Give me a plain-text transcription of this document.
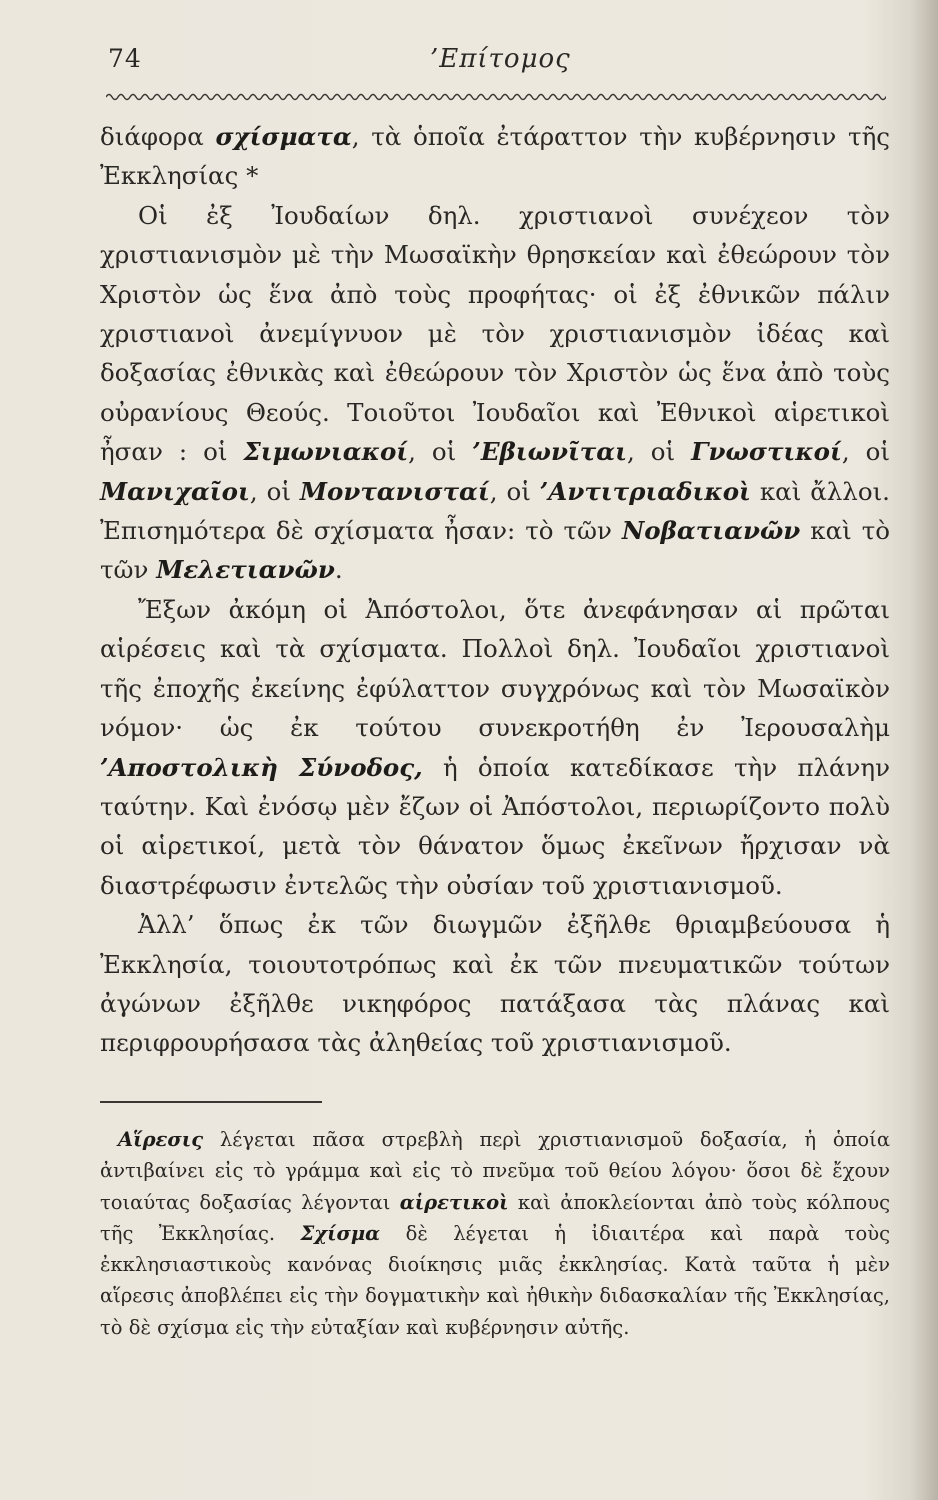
74	’Επίτομος

διάφορα σχίσματα, τὰ ὁποῖα ἐτάραττον τὴν κυβέρνησιν τῆς Ἐκκλησίας *

Οἱ ἐξ Ἰουδαίων δηλ. χριστιανοὶ συνέχεον τὸν χριστιανισμὸν μὲ τὴν Μωσαϊκὴν θρησκείαν καὶ ἐθεώρουν τὸν Χριστὸν ὡς ἕνα ἀπὸ τοὺς προφήτας· οἱ ἐξ ἐθνικῶν πάλιν χριστιανοὶ ἀνεμίγνυον μὲ τὸν χριστιανισμὸν ἰδέας καὶ δοξασίας ἐθνικὰς καὶ ἐθεώρουν τὸν Χριστὸν ὡς ἕνα ἀπὸ τοὺς οὐρανίους Θεούς. Τοιοῦτοι Ἰουδαῖοι καὶ Ἐθνικοὶ αἱρετικοὶ ἦσαν : οἱ Σιμωνιακοί, οἱ ’Εβιωνῖται, οἱ Γνωστικοί, οἱ Μανιχαῖοι, οἱ Μοντανισταί, οἱ ’Αντιτριαδικοὶ καὶ ἄλλοι. Ἐπισημότερα δὲ σχίσματα ἦσαν: τὸ τῶν Νοβατιανῶν καὶ τὸ τῶν Μελετιανῶν.

Ἔξων ἀκόμη οἱ Ἀπόστολοι, ὅτε ἀνεφάνησαν αἱ πρῶται αἱρέσεις καὶ τὰ σχίσματα. Πολλοὶ δηλ. Ἰουδαῖοι χριστιανοὶ τῆς ἐποχῆς ἐκείνης ἐφύλαττον συγχρόνως καὶ τὸν Μωσαϊκὸν νόμον· ὡς ἐκ τούτου συνεκροτήθη ἐν Ἰερουσαλὴμ ’Αποστολικὴ Σύνοδος, ἡ ὁποία κατεδίκασε τὴν πλάνην ταύτην. Καὶ ἐνόσῳ μὲν ἔζων οἱ Ἀπόστολοι, περιωρίζοντο πολὺ οἱ αἱρετικοί, μετὰ τὸν θάνατον ὅμως ἐκεῖνων ἤρχισαν νὰ διαστρέφωσιν ἐντελῶς τὴν οὐσίαν τοῦ χριστιανισμοῦ.

Ἀλλ’ ὅπως ἐκ τῶν διωγμῶν ἐξῆλθε θριαμβεύουσα ἡ Ἐκκλησία, τοιουτοτρόπως καὶ ἐκ τῶν πνευματικῶν τούτων ἀγώνων ἐξῆλθε νικηφόρος πατάξασα τὰς πλάνας καὶ περιφρουρήσασα τὰς ἀληθείας τοῦ χριστιανισμοῦ.

Αἵρεσις λέγεται πᾶσα στρεβλὴ περὶ χριστιανισμοῦ δοξασία, ἡ ὁποία ἀντιβαίνει εἰς τὸ γράμμα καὶ εἰς τὸ πνεῦμα τοῦ θείου λόγου· ὅσοι δὲ ἔχουν τοιαύτας δοξασίας λέγονται αἱρετικοὶ καὶ ἀποκλείονται ἀπὸ τοὺς κόλπους τῆς Ἐκκλησίας. Σχίσμα δὲ λέγεται ἡ ἰδιαιτέρα καὶ παρὰ τοὺς ἐκκλησιαστικοὺς κανόνας διοίκησις μιᾶς ἐκκλησίας. Κατὰ ταῦτα ἡ μὲν αἵρεσις ἀποβλέπει εἰς τὴν δογματικὴν καὶ ἠθικὴν διδασκαλίαν τῆς Ἐκκλησίας, τὸ δὲ σχίσμα εἰς τὴν εὐταξίαν καὶ κυβέρνησιν αὐτῆς.
